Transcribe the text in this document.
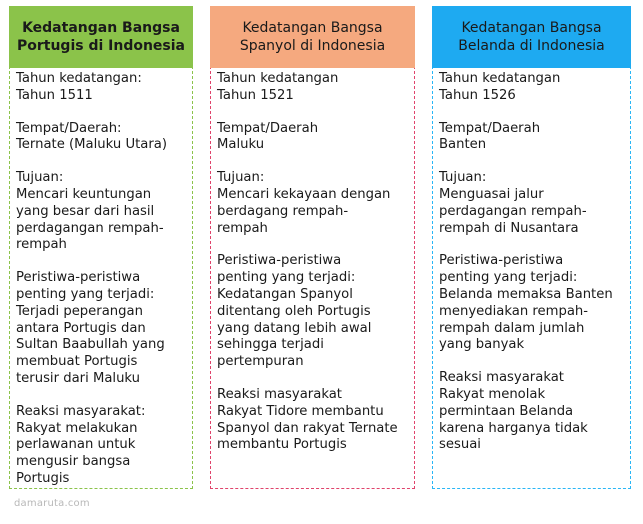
Kedatangan Bangsa
Portugis di Indonesia

Tahun kedatangan:

Tahun 1511

Tempat/Daerah:

Ternate (Maluku Utara)

Tujuan:

Mencari keuntungan
yang besar dari hasil
perdagangan rempah-
rempah

Peristiwa-peristiwa
penting yang terjadi:

Terjadi peperangan
antara Portugis dan
Sultan Baabullah yang
membuat Portugis
terusir dari Maluku

Reaksi masyarakat:

Rakyat melakukan
perlawanan untuk
mengusir bangsa
Portugis

Kedatangan Bangsa
Spanyol di Indonesia

Tahun kedatangan

Tahun 1521

Tempat/Daerah

Maluku

Tujuan:

Mencari kekayaan dengan
berdagang rempah-
rempah

Peristiwa-peristiwa
penting yang terjadi:

Kedatangan Spanyol
ditentang oleh Portugis
yang datang lebih awal
sehingga terjadi
pertempuran

Reaksi masyarakat

Rakyat Tidore membantu
Spanyol dan rakyat Ternate
membantu Portugis

Kedatangan Bangsa
Belanda di Indonesia

Tahun kedatangan

Tahun 1526

Tempat/Daerah

Banten

Tujuan:

Menguasai jalur
perdagangan rempah-
rempah di Nusantara

Peristiwa-peristiwa
penting yang terjadi:

Belanda memaksa Banten
menyediakan rempah-
rempah dalam jumlah
yang banyak

Reaksi masyarakat

Rakyat menolak
permintaan Belanda
karena harganya tidak
sesuai

damaruta.com
